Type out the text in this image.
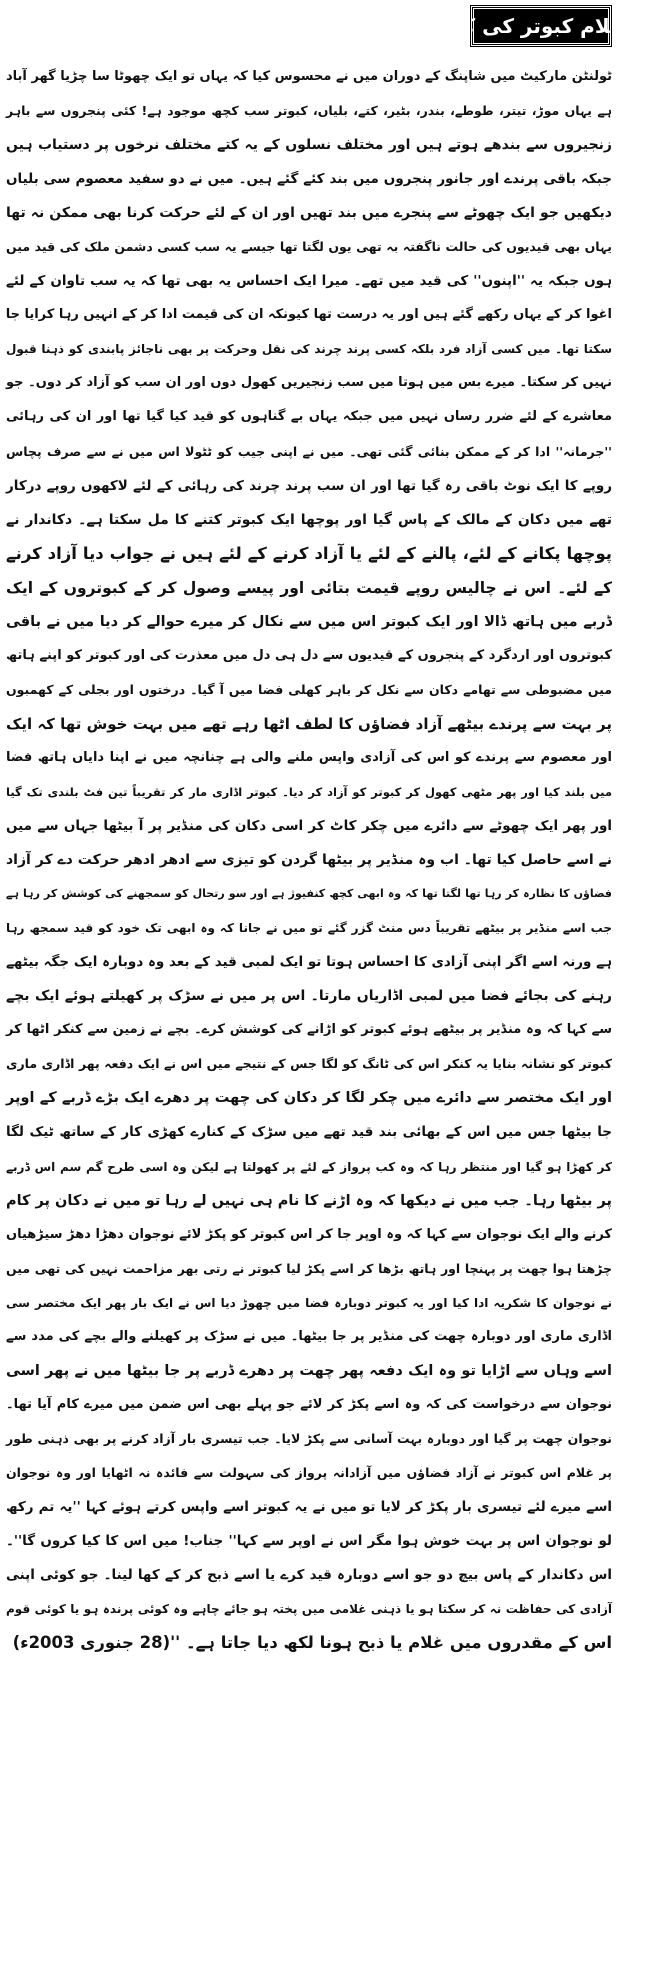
ایک غلام کبوتر کی کہانی
ٹولنٹن مارکیٹ میں شاپنگ کے دوران میں نے محسوس کیا کہ یہاں تو ایک چھوٹا سا چڑیا گھر آباد
ہے یہاں موڑ، تیتر، طوطے، بندر، بٹیر، کتے، بلیاں، کبوتر سب کچھ موجود ہے! کئی پنجروں سے باہر
زنجیروں سے بندھے ہوتے ہیں اور مختلف نسلوں کے یہ کتے مختلف نرخوں پر دستیاب ہیں
جبکہ باقی پرندے اور جانور پنجروں میں بند کئے گئے ہیں۔ میں نے دو سفید معصوم سی بلیاں
دیکھیں جو ایک چھوٹے سے پنجرے میں بند تھیں اور ان کے لئے حرکت کرنا بھی ممکن نہ تھا
یہاں بھی قیدیوں کی حالت ناگفتہ بہ تھی یوں لگتا تھا جیسے یہ سب کسی دشمن ملک کی قید میں
ہوں جبکہ یہ ''اپنوں'' کی قید میں تھے۔ میرا ایک احساس یہ بھی تھا کہ یہ سب تاوان کے لئے
اغوا کر کے یہاں رکھے گئے ہیں اور یہ درست تھا کیونکہ ان کی قیمت ادا کر کے انہیں رہا کرایا جا
سکتا تھا۔ میں کسی آزاد فرد بلکہ کسی پرند چرند کی نقل وحرکت پر بھی ناجائز پابندی کو ذہنا قبول
نہیں کر سکتا۔ میرے بس میں ہوتا میں سب زنجیریں کھول دوں اور ان سب کو آزاد کر دوں۔ جو
معاشرے کے لئے ضرر رساں نہیں میں جبکہ یہاں بے گناہوں کو قید کیا گیا تھا اور ان کی رہائی
''جرمانہ'' ادا کر کے ممکن بنائی گئی تھی۔ میں نے اپنی جیب کو ٹٹولا اس میں نے سے صرف پچاس
روپے کا ایک نوٹ باقی رہ گیا تھا اور ان سب پرند چرند کی رہائی کے لئے لاکھوں روپے درکار
تھے میں دکان کے مالک کے پاس گیا اور پوچھا ایک کبوتر کتنے کا مل سکتا ہے۔ دکاندار نے
پوچھا پکانے کے لئے، پالنے کے لئے یا آزاد کرنے کے لئے ہیں نے جواب دیا آزاد کرنے
کے لئے۔ اس نے چالیس روپے قیمت بتائی اور پیسے وصول کر کے کبوتروں کے ایک
ڈربے میں ہاتھ ڈالا اور ایک کبوتر اس میں سے نکال کر میرے حوالے کر دیا میں نے باقی
کبوتروں اور اردگرد کے پنجروں کے قیدیوں سے دل ہی دل میں معذرت کی اور کبوتر کو اپنے ہاتھ
میں مضبوطی سے تھامے دکان سے نکل کر باہر کھلی فضا میں آ گیا۔ درختوں اور بجلی کے کھمبوں
پر بہت سے پرندے بیٹھے آزاد فضاؤں کا لطف اٹھا رہے تھے میں بہت خوش تھا کہ ایک
اور معصوم سے پرندے کو اس کی آزادی واپس ملنے والی ہے چنانچہ میں نے اپنا دایاں ہاتھ فضا
میں بلند کیا اور پھر مٹھی کھول کر کبوتر کو آزاد کر دیا۔ کبوتر اڈاری مار کر تقریباً تین فٹ بلندی تک گیا
اور پھر ایک چھوٹے سے دائرے میں چکر کاٹ کر اسی دکان کی منڈیر پر آ بیٹھا جہاں سے میں
نے اسے حاصل کیا تھا۔ اب وہ منڈیر پر بیٹھا گردن کو تیزی سے ادھر ادھر حرکت دے کر آزاد
فضاؤں کا نظارہ کر رہا تھا لگتا تھا کہ وہ ابھی کچھ کنفیوژ ہے اور سو رتحال کو سمجھنے کی کوشش کر رہا ہے
جب اسے منڈیر پر بیٹھے تقریباً دس منٹ گزر گئے تو میں نے جانا کہ وہ ابھی تک خود کو قید سمجھ رہا
ہے ورنہ اسے اگر اپنی آزادی کا احساس ہوتا تو ایک لمبی قید کے بعد وہ دوبارہ ایک جگہ بیٹھے
رہنے کی بجائے فضا میں لمبی اڈاریاں مارتا۔ اس پر میں نے سڑک پر کھیلتے ہوئے ایک بچے
سے کہا کہ وہ منڈیر پر بیٹھے ہوئے کبوتر کو اڑانے کی کوشش کرے۔ بچے نے زمین سے کنکر اٹھا کر
کبوتر کو نشانہ بنایا یہ کنکر اس کی ٹانگ کو لگا جس کے نتیجے میں اس نے ایک دفعہ پھر اڈاری ماری
اور ایک مختصر سے دائرے میں چکر لگا کر دکان کی چھت پر دھرے ایک بڑے ڈربے کے اوپر
جا بیٹھا جس میں اس کے بھائی بند قید تھے میں سڑک کے کنارے کھڑی کار کے ساتھ ٹیک لگا
کر کھڑا ہو گیا اور منتظر رہا کہ وہ کب پرواز کے لئے پر کھولتا ہے لیکن وہ اسی طرح گم سم اس ڈربے
پر بیٹھا رہا۔ جب میں نے دیکھا کہ وہ اڑنے کا نام ہی نہیں لے رہا تو میں نے دکان پر کام
کرنے والے ایک نوجوان سے کہا کہ وہ اوپر جا کر اس کبوتر کو پکڑ لائے نوجوان دھڑا دھڑ سیڑھیاں
چڑھتا ہوا چھت پر پہنچا اور ہاتھ بڑھا کر اسے پکڑ لیا کبوتر نے رتی بھر مزاحمت نہیں کی تھی میں
نے نوجوان کا شکریہ ادا کیا اور یہ کبوتر دوبارہ فضا میں چھوڑ دیا اس نے ایک بار پھر ایک مختصر سی
اڈاری ماری اور دوبارہ چھت کی منڈیر پر جا بیٹھا۔ میں نے سڑک پر کھیلنے والے بچے کی مدد سے
اسے وہاں سے اڑایا تو وہ ایک دفعہ پھر چھت پر دھرے ڈربے پر جا بیٹھا میں نے پھر اسی
نوجوان سے درخواست کی کہ وہ اسے پکڑ کر لائے جو پہلے بھی اس ضمن میں میرے کام آیا تھا۔
نوجوان چھت پر گیا اور دوبارہ بہت آسانی سے پکڑ لایا۔ جب تیسری بار آزاد کرنے پر بھی ذہنی طور
پر غلام اس کبوتر نے آزاد فضاؤں میں آزادانہ پرواز کی سہولت سے فائدہ نہ اٹھایا اور وہ نوجوان
اسے میرے لئے تیسری بار پکڑ کر لایا تو میں نے یہ کبوتر اسے واپس کرتے ہوئے کہا ''یہ تم رکھ
لو نوجوان اس پر بہت خوش ہوا مگر اس نے اوپر سے کہا'' جناب! میں اس کا کیا کروں گا''۔
اس دکاندار کے پاس بیچ دو جو اسے دوبارہ قید کرے یا اسے ذبح کر کے کھا لینا۔ جو کوئی اپنی
آزادی کی حفاظت نہ کر سکتا ہو یا ذہنی غلامی میں پختہ ہو جائے چاہے وہ کوئی پرندہ ہو یا کوئی قوم
اس کے مقدروں میں غلام یا ذبح ہونا لکھ دیا جاتا ہے۔ ''(28 جنوری 2003ء)
